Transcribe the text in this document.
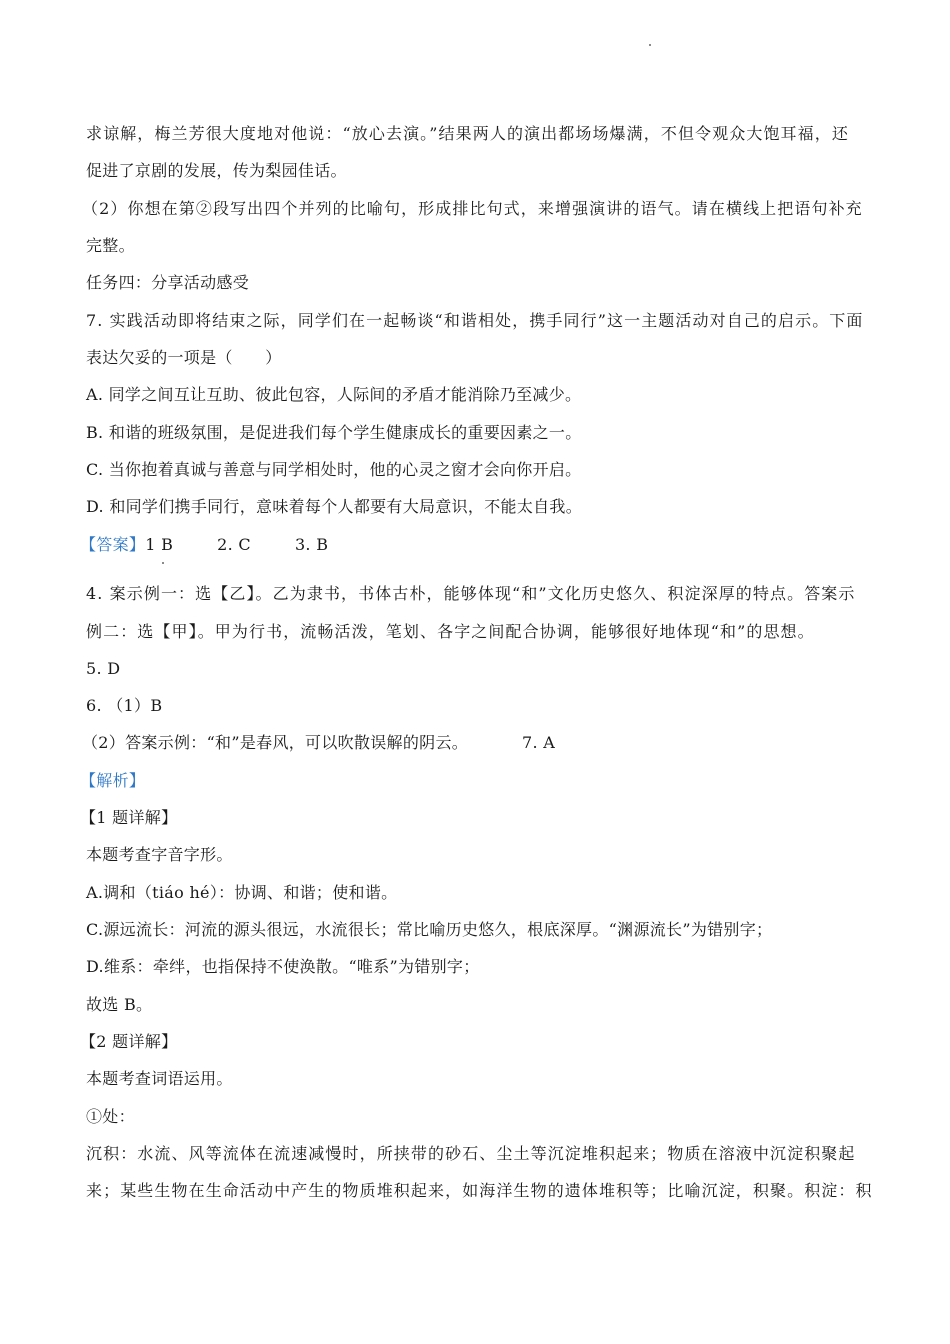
求谅解，梅兰芳很大度地对他说：“放心去演。”结果两人的演出都场场爆满，不但令观众大饱耳福，还
促进了京剧的发展，传为梨园佳话。
（2）你想在第②段写出四个并列的比喻句，形成排比句式，来增强演讲的语气。请在横线上把语句补充
完整。
任务四：分享活动感受
7. 实践活动即将结束之际，同学们在一起畅谈“和谐相处，携手同行”这一主题活动对自己的启示。下面
表达欠妥的一项是（　　）
A. 同学之间互让互助、彼此包容，人际间的矛盾才能消除乃至减少。
B. 和谐的班级氛围，是促进我们每个学生健康成长的重要因素之一。
C. 当你抱着真诚与善意与同学相处时，他的心灵之窗才会向你开启。
D. 和同学们携手同行，意味着每个人都要有大局意识，不能太自我。
【答案】1 B	2. C	3. B
4. 案示例一：选【乙】。乙为隶书，书体古朴，能够体现“和”文化历史悠久、积淀深厚的特点。答案示
例二：选【甲】。甲为行书，流畅活泼，笔划、各字之间配合协调，能够很好地体现“和”的思想。
5. D
6. （1）B
（2）答案示例：“和”是春风，可以吹散误解的阴云。	7. A
【解析】
【1 题详解】
本题考查字音字形。
A.调和（tiáo hé）：协调、和谐；使和谐。
C.源远流长：河流的源头很远，水流很长；常比喻历史悠久，根底深厚。“渊源流长”为错别字；
D.维系：牵绊，也指保持不使涣散。“唯系”为错别字；
故选 B。
【2 题详解】
本题考查词语运用。
①处：
沉积：水流、风等流体在流速减慢时，所挟带的砂石、尘土等沉淀堆积起来；物质在溶液中沉淀积聚起
来；某些生物在生命活动中产生的物质堆积起来，如海洋生物的遗体堆积等；比喻沉淀，积聚。积淀：积
